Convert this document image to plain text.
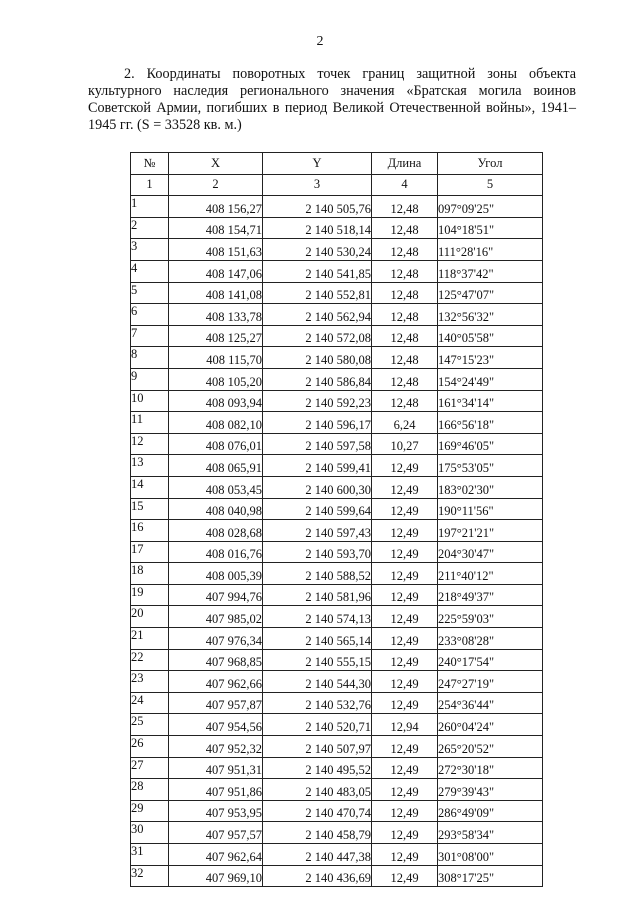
2

2. Координаты поворотных точек границ защитной зоны объекта культурного наследия регионального значения «Братская могила воинов Советской Армии, погибших в период Великой Отечественной войны», 1941–1945 гг. (S = 33528 кв. м.)

№	X	Y	Длина	Угол
1	2	3	4	5
1	408 156,27	2 140 505,76	12,48	097°09'25"
2	408 154,71	2 140 518,14	12,48	104°18'51"
3	408 151,63	2 140 530,24	12,48	111°28'16"
4	408 147,06	2 140 541,85	12,48	118°37'42"
5	408 141,08	2 140 552,81	12,48	125°47'07"
6	408 133,78	2 140 562,94	12,48	132°56'32"
7	408 125,27	2 140 572,08	12,48	140°05'58"
8	408 115,70	2 140 580,08	12,48	147°15'23"
9	408 105,20	2 140 586,84	12,48	154°24'49"
10	408 093,94	2 140 592,23	12,48	161°34'14"
11	408 082,10	2 140 596,17	6,24	166°56'18"
12	408 076,01	2 140 597,58	10,27	169°46'05"
13	408 065,91	2 140 599,41	12,49	175°53'05"
14	408 053,45	2 140 600,30	12,49	183°02'30"
15	408 040,98	2 140 599,64	12,49	190°11'56"
16	408 028,68	2 140 597,43	12,49	197°21'21"
17	408 016,76	2 140 593,70	12,49	204°30'47"
18	408 005,39	2 140 588,52	12,49	211°40'12"
19	407 994,76	2 140 581,96	12,49	218°49'37"
20	407 985,02	2 140 574,13	12,49	225°59'03"
21	407 976,34	2 140 565,14	12,49	233°08'28"
22	407 968,85	2 140 555,15	12,49	240°17'54"
23	407 962,66	2 140 544,30	12,49	247°27'19"
24	407 957,87	2 140 532,76	12,49	254°36'44"
25	407 954,56	2 140 520,71	12,94	260°04'24"
26	407 952,32	2 140 507,97	12,49	265°20'52"
27	407 951,31	2 140 495,52	12,49	272°30'18"
28	407 951,86	2 140 483,05	12,49	279°39'43"
29	407 953,95	2 140 470,74	12,49	286°49'09"
30	407 957,57	2 140 458,79	12,49	293°58'34"
31	407 962,64	2 140 447,38	12,49	301°08'00"
32	407 969,10	2 140 436,69	12,49	308°17'25"
